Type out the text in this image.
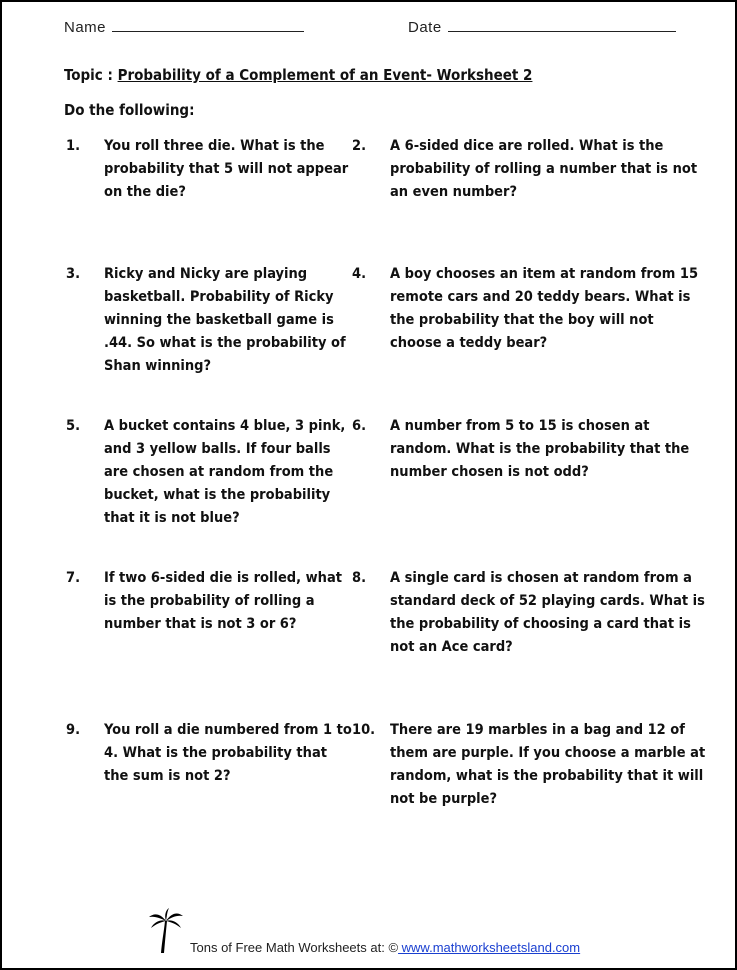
Name	Date
Topic : Probability of a Complement of an Event- Worksheet 2
Do the following:
1. You roll three die. What is the probability that 5 will not appear on the die?
2. A 6-sided dice are rolled. What is the probability of rolling a number that is not an even number?
3. Ricky and Nicky are playing basketball. Probability of Ricky winning the basketball game is .44. So what is the probability of Shan winning?
4. A boy chooses an item at random from 15 remote cars and 20 teddy bears. What is the probability that the boy will not choose a teddy bear?
5. A bucket contains 4 blue, 3 pink, and 3 yellow balls. If four balls are chosen at random from the bucket, what is the probability that it is not blue?
6. A number from 5 to 15 is chosen at random. What is the probability that the number chosen is not odd?
7. If two 6-sided die is rolled, what is the probability of rolling a number that is not 3 or 6?
8. A single card is chosen at random from a standard deck of 52 playing cards. What is the probability of choosing a card that is not an Ace card?
9. You roll a die numbered from 1 to 4. What is the probability that the sum is not 2?
10. There are 19 marbles in a bag and 12 of them are purple. If you choose a marble at random, what is the probability that it will not be purple?
Tons of Free Math Worksheets at: © www.mathworksheetsland.com
